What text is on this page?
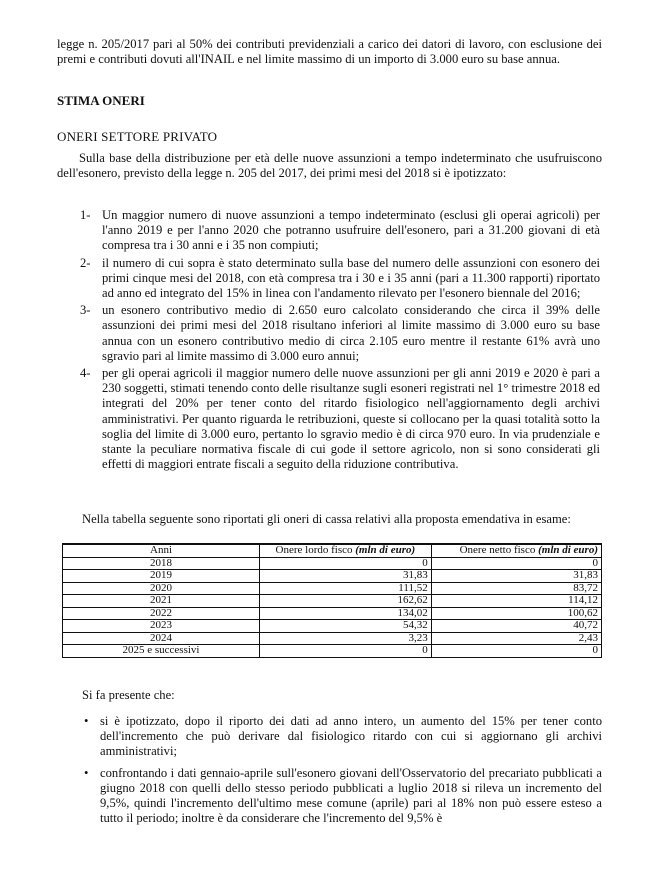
legge n. 205/2017 pari al 50% dei contributi previdenziali a carico dei datori di lavoro, con esclusione dei premi e contributi dovuti all'INAIL e nel limite massimo di un importo di 3.000 euro su base annua.
STIMA ONERI
ONERI SETTORE PRIVATO
Sulla base della distribuzione per età delle nuove assunzioni a tempo indeterminato che usufruiscono dell'esonero, previsto della legge n. 205 del 2017, dei primi mesi del 2018 si è ipotizzato:
1- Un maggior numero di nuove assunzioni a tempo indeterminato (esclusi gli operai agricoli) per l'anno 2019 e per l'anno 2020 che potranno usufruire dell'esonero, pari a 31.200 giovani di età compresa tra i 30 anni e i 35 non compiuti;
2- il numero di cui sopra è stato determinato sulla base del numero delle assunzioni con esonero dei primi cinque mesi del 2018, con età compresa tra i 30 e i 35 anni (pari a 11.300 rapporti) riportato ad anno ed integrato del 15% in linea con l'andamento rilevato per l'esonero biennale del 2016;
3- un esonero contributivo medio di 2.650 euro calcolato considerando che circa il 39% delle assunzioni dei primi mesi del 2018 risultano inferiori al limite massimo di 3.000 euro su base annua con un esonero contributivo medio di circa 2.105 euro mentre il restante 61% avrà uno sgravio pari al limite massimo di 3.000 euro annui;
4- per gli operai agricoli il maggior numero delle nuove assunzioni per gli anni 2019 e 2020 è pari a 230 soggetti, stimati tenendo conto delle risultanze sugli esoneri registrati nel 1° trimestre 2018 ed integrati del 20% per tener conto del ritardo fisiologico nell'aggiornamento degli archivi amministrativi. Per quanto riguarda le retribuzioni, queste si collocano per la quasi totalità sotto la soglia del limite di 3.000 euro, pertanto lo sgravio medio è di circa 970 euro. In via prudenziale e stante la peculiare normativa fiscale di cui gode il settore agricolo, non si sono considerati gli effetti di maggiori entrate fiscali a seguito della riduzione contributiva.
Nella tabella seguente sono riportati gli oneri di cassa relativi alla proposta emendativa in esame:
Anni	Onere lordo fisco (mln di euro)	Onere netto fisco (mln di euro)
2018	0	0
2019	31,83	31,83
2020	111,52	83,72
2021	162,62	114,12
2022	134,02	100,62
2023	54,32	40,72
2024	3,23	2,43
2025 e successivi	0	0
Si fa presente che:
• si è ipotizzato, dopo il riporto dei dati ad anno intero, un aumento del 15% per tener conto dell'incremento che può derivare dal fisiologico ritardo con cui si aggiornano gli archivi amministrativi;
• confrontando i dati gennaio-aprile sull'esonero giovani dell'Osservatorio del precariato pubblicati a giugno 2018 con quelli dello stesso periodo pubblicati a luglio 2018 si rileva un incremento del 9,5%, quindi l'incremento dell'ultimo mese comune (aprile) pari al 18% non può essere esteso a tutto il periodo; inoltre è da considerare che l'incremento del 9,5% è
